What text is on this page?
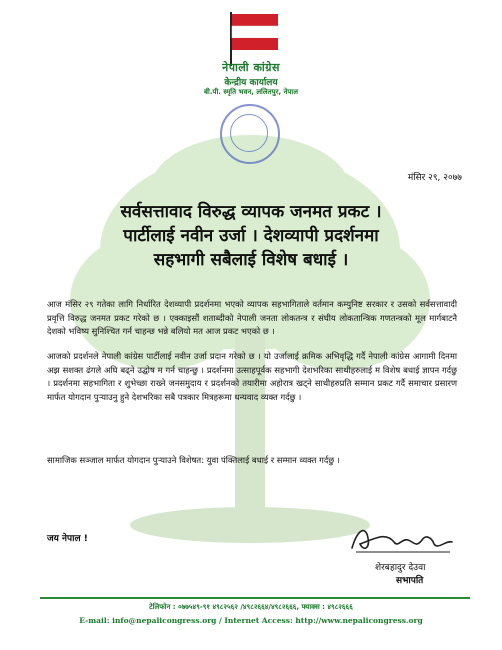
नेपाली कांग्रेस
केन्द्रीय कार्यालय
बी.पी. स्मृति भवन, ललितपुर, नेपाल
मंसिर २९, २०७७
सर्वसत्तावाद विरुद्ध व्यापक जनमत प्रकट ।
पार्टीलाई नवीन उर्जा । देशव्यापी प्रदर्शनमा
सहभागी सबैलाई विशेष बधाई ।

आज मंसिर २९ गतेका लागि निर्धारित देशव्यापी प्रदर्शनमा भएको व्यापक सहभागिताले वर्तमान कम्युनिष्ट सरकार र उसको सर्वसत्तावादी प्रवृत्ति विरुद्ध जनमत प्रकट गरेको छ । एक्काइसौं शताब्दीको नेपाली जनता लोकतन्त्र र संघीय लोकतान्त्रिक गणतन्त्रको मूल मार्गबाटनै देशको भविष्य सुनिश्चित गर्न चाहन्छ भन्ने बलियो मत आज प्रकट भएको छ ।

आजको प्रदर्शनले नेपाली कांग्रेस पार्टीलाई नवीन उर्जा प्रदान गरेको छ । यो उर्जालाई क्रमिक अभिवृद्धि गर्दै नेपाली कांग्रेस आगामी दिनमा अझ सशक्त ढंगले अघि बढ्ने उद्घोष म गर्न चाहन्छु । प्रदर्शनमा उत्साहपूर्वक सहभागी देशभरिका साथीहरुलाई म विशेष बधाई ज्ञापन गर्दछु । प्रदर्शनमा सहभागिता र शुभेच्छा राख्ने जनसमुदाय र प्रदर्शनको तयारीमा अहोरात्र खट्ने साथीहरुप्रति सम्मान प्रकट गर्दै समाचार प्रसारण मार्फत योगदान पुर्‍याउनु हुने देशभरिका सबै पत्रकार मित्रहरूमा धन्यवाद व्यक्त गर्दछु ।

सामाजिक सञ्जाल मार्फत योगदान पुर्‍याउने विशेषत: युवा पंक्तिलाई बधाई र सम्मान व्यक्त गर्दछु ।

जय नेपाल !
शेरबहादुर देउवा
सभापति
टेलिफोन : ०७७५४९-९१ ४९८२५६२ /४९८२६६४/४९८२६६६, फ्याक्स : ४९८२६६६
E-mail: info@nepalicongress.org / Internet Access: http://www.nepalicongress.org
